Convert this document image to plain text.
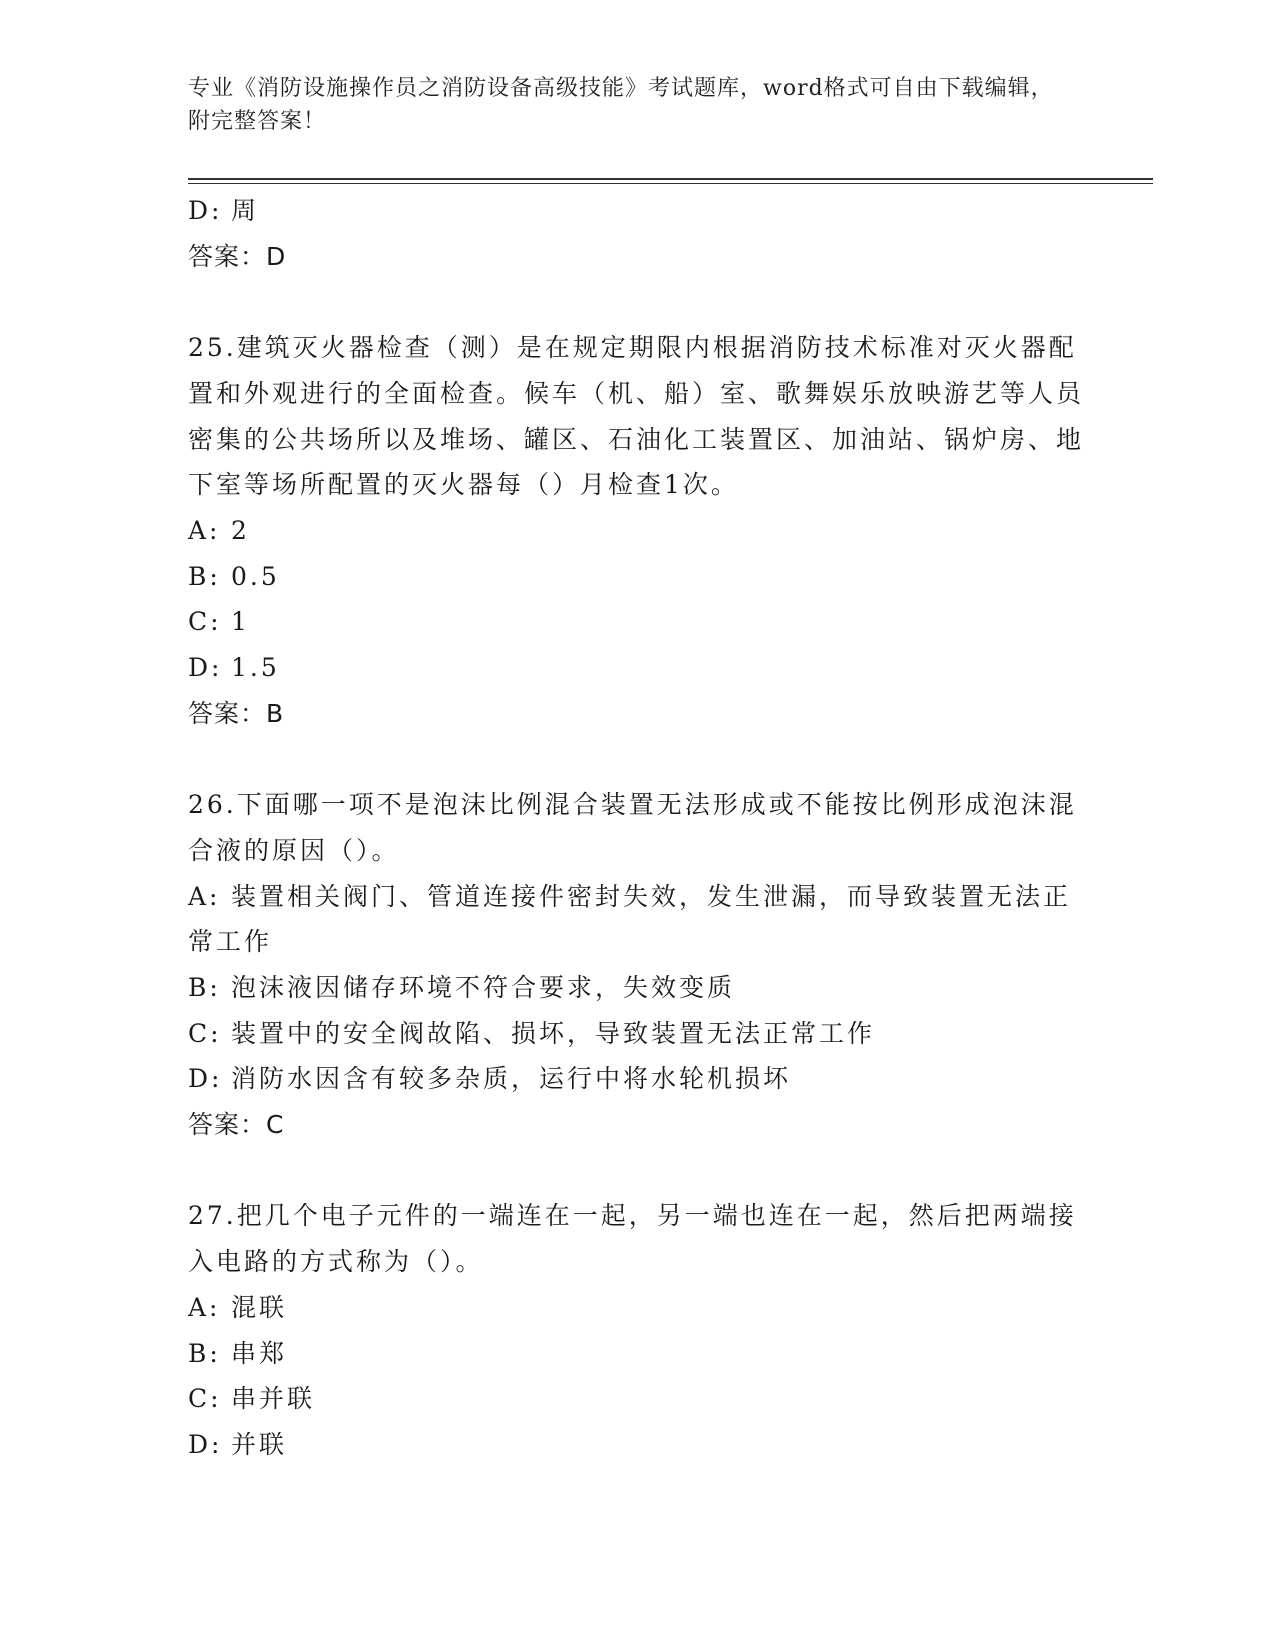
专业《消防设施操作员之消防设备高级技能》考试题库，word格式可自由下载编辑，附完整答案！
D: 周
答案：D
25.建筑灭火器检查（测）是在规定期限内根据消防技术标准对灭火器配置和外观进行的全面检查。候车（机、船）室、歌舞娱乐放映游艺等人员密集的公共场所以及堆场、罐区、石油化工装置区、加油站、锅炉房、地下室等场所配置的灭火器每（）月检查1次。
A: 2
B: 0.5
C: 1
D: 1.5
答案：B
26.下面哪一项不是泡沫比例混合装置无法形成或不能按比例形成泡沫混合液的原因（）。
A: 装置相关阀门、管道连接件密封失效，发生泄漏，而导致装置无法正常工作
B: 泡沫液因储存环境不符合要求，失效变质
C: 装置中的安全阀故陷、损坏，导致装置无法正常工作
D: 消防水因含有较多杂质，运行中将水轮机损坏
答案：C
27.把几个电子元件的一端连在一起，另一端也连在一起，然后把两端接入电路的方式称为（）。
A: 混联
B: 串郑
C: 串并联
D: 并联
